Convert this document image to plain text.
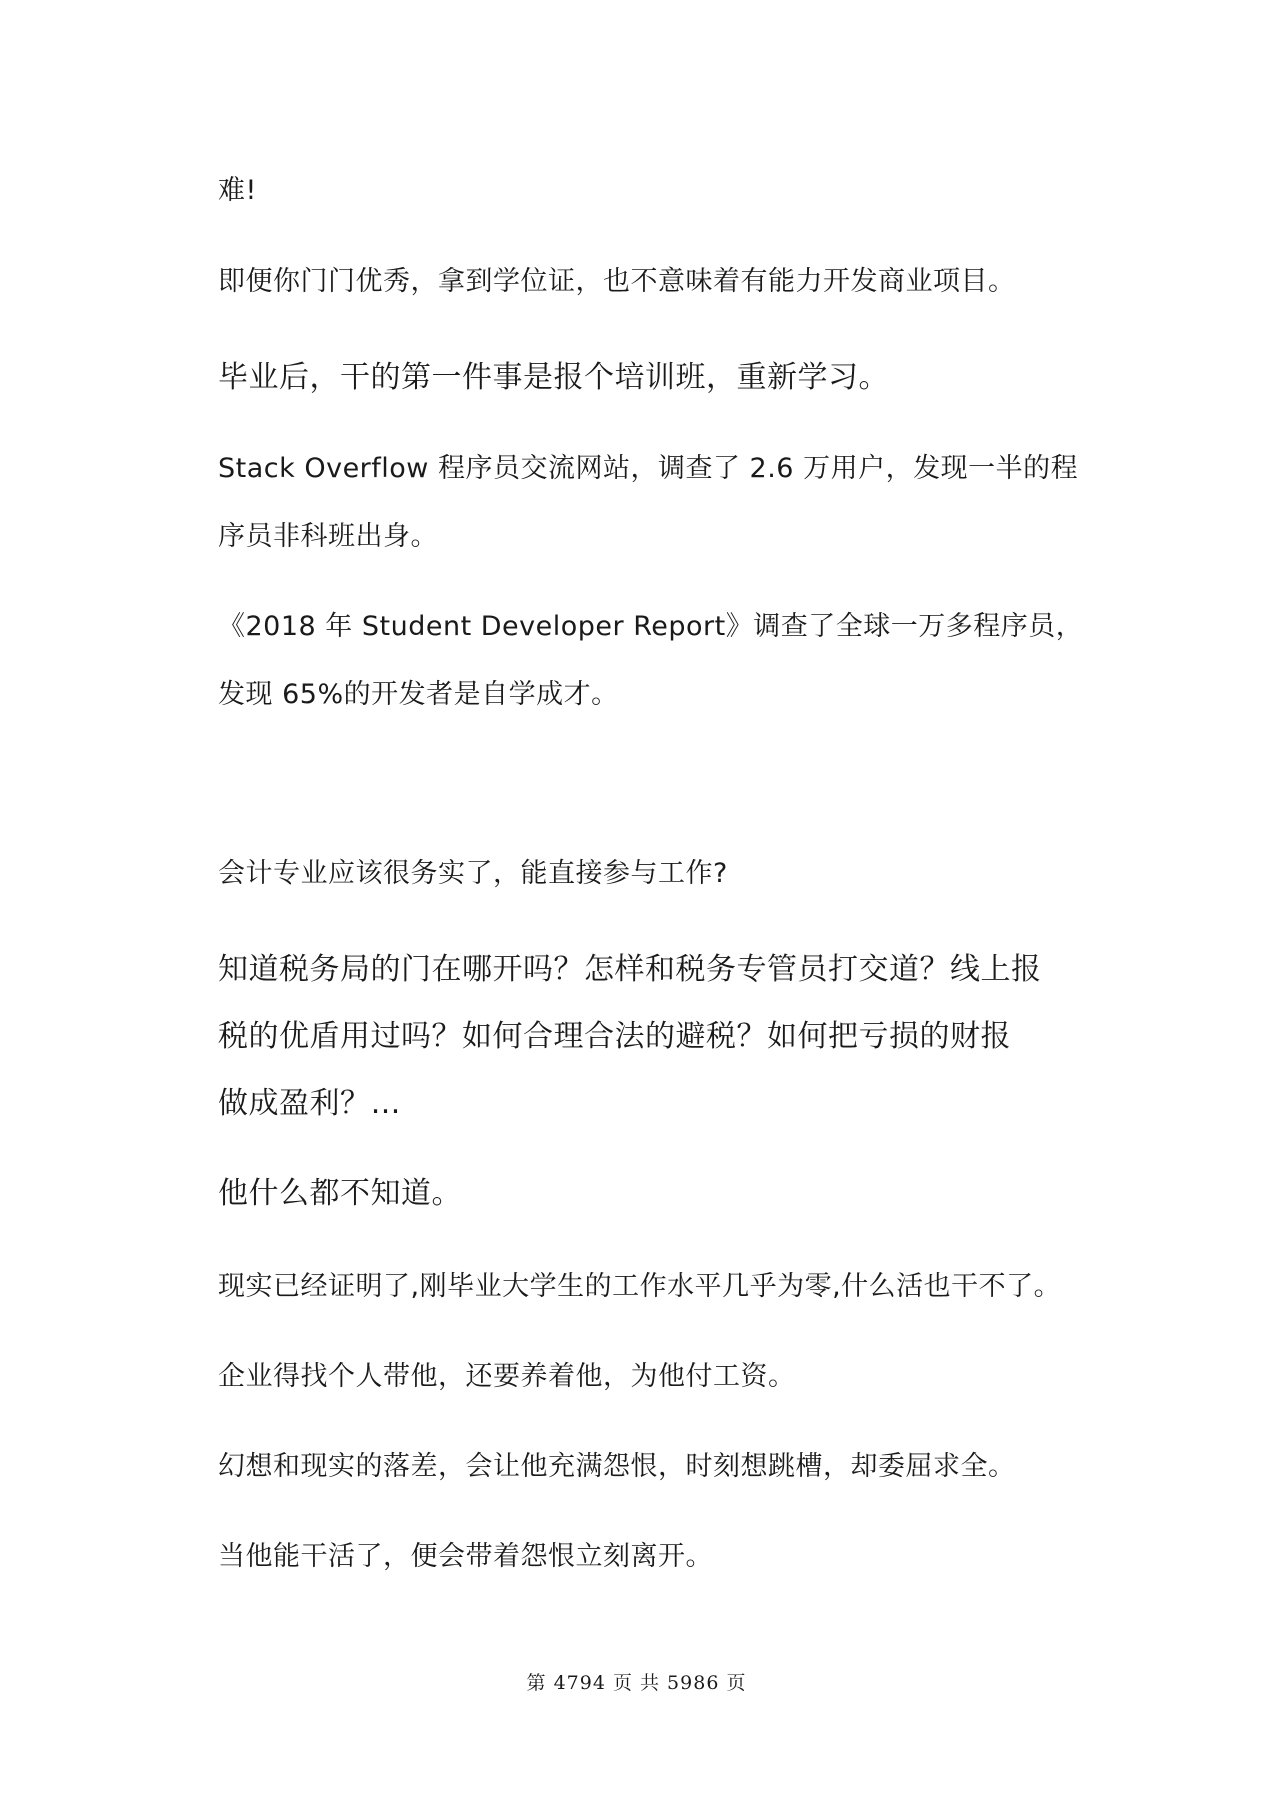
难!

即便你门门优秀，拿到学位证，也不意味着有能力开发商业项目。

毕业后，干的第一件事是报个培训班，重新学习。

Stack Overflow 程序员交流网站，调查了 2.6 万用户，发现一半的程

序员非科班出身。

《2018 年 Student Developer Report》调查了全球一万多程序员，

发现 65%的开发者是自学成才。

会计专业应该很务实了，能直接参与工作?

知道税务局的门在哪开吗？怎样和税务专管员打交道？线上报

税的优盾用过吗？如何合理合法的避税？如何把亏损的财报

做成盈利？…

他什么都不知道。

现实已经证明了,刚毕业大学生的工作水平几乎为零,什么活也干不了。

企业得找个人带他，还要养着他，为他付工资。

幻想和现实的落差，会让他充满怨恨，时刻想跳槽，却委屈求全。

当他能干活了，便会带着怨恨立刻离开。

第 4794 页 共 5986 页
